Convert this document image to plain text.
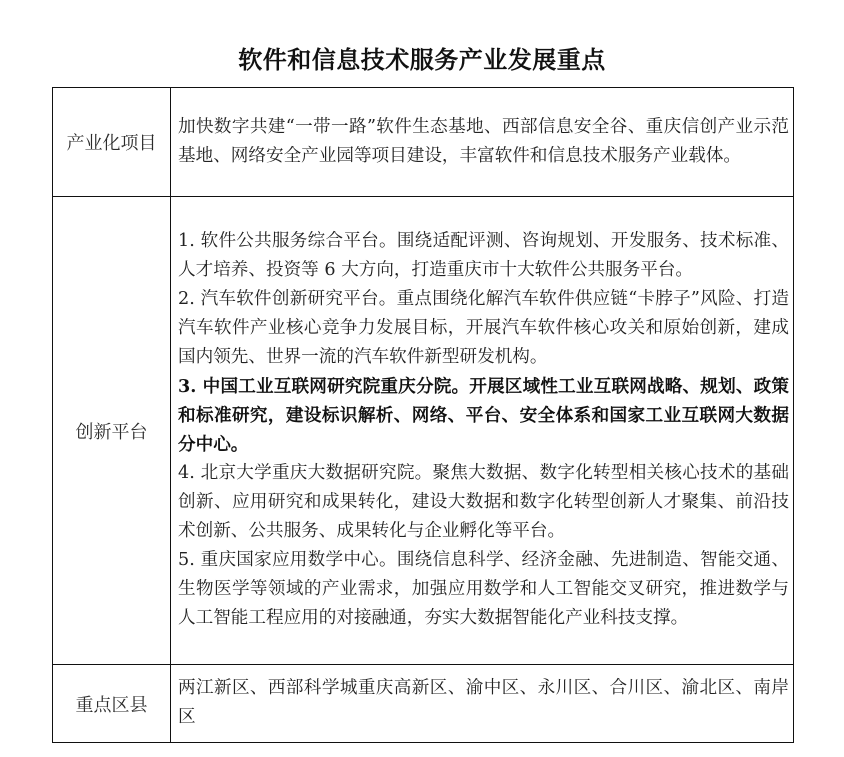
软件和信息技术服务产业发展重点
产业化项目	加快数字共建“一带一路”软件生态基地、西部信息安全谷、重庆信创产业示范基地、网络安全产业园等项目建设，丰富软件和信息技术服务产业载体。

创新平台	1. 软件公共服务综合平台。围绕适配评测、咨询规划、开发服务、技术标准、人才培养、投资等 6 大方向，打造重庆市十大软件公共服务平台。

2. 汽车软件创新研究平台。重点围绕化解汽车软件供应链“卡脖子”风险、打造汽车软件产业核心竞争力发展目标，开展汽车软件核心攻关和原始创新，建成国内领先、世界一流的汽车软件新型研发机构。

3. 中国工业互联网研究院重庆分院。开展区域性工业互联网战略、规划、政策和标准研究，建设标识解析、网络、平台、安全体系和国家工业互联网大数据分中心。

4. 北京大学重庆大数据研究院。聚焦大数据、数字化转型相关核心技术的基础创新、应用研究和成果转化，建设大数据和数字化转型创新人才聚集、前沿技术创新、公共服务、成果转化与企业孵化等平台。

5. 重庆国家应用数学中心。围绕信息科学、经济金融、先进制造、智能交通、生物医学等领域的产业需求，加强应用数学和人工智能交叉研究，推进数学与人工智能工程应用的对接融通，夯实大数据智能化产业科技支撑。

重点区县	两江新区、西部科学城重庆高新区、渝中区、永川区、合川区、渝北区、南岸区
